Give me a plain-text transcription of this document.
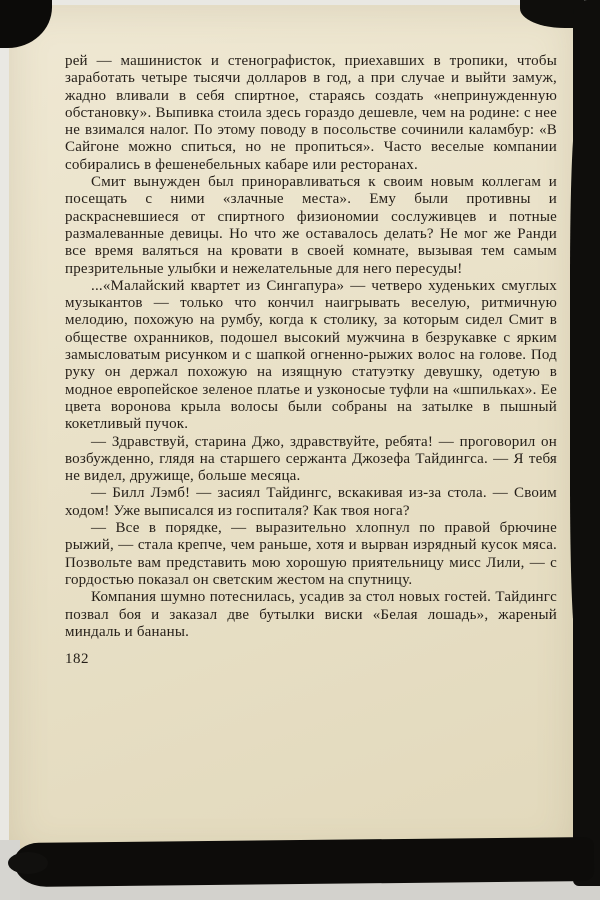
рей — машинисток и стенографисток, приехавших в тропики, чтобы заработать четыре тысячи долларов в год, а при случае и выйти замуж, жадно вливали в себя спиртное, стараясь создать «непринужденную обстановку». Выпивка стоила здесь гораздо дешевле, чем на родине: с нее не взимался налог. По этому поводу в посольстве сочинили каламбур: «В Сайгоне можно спиться, но не пропиться». Часто веселые компании собирались в фешенебельных кабаре или ресторанах.

Смит вынужден был приноравливаться к своим новым коллегам и посещать с ними «злачные места». Ему были противны и раскрасневшиеся от спиртного физиономии сослуживцев и потные размалеванные девицы. Но что же оставалось делать? Не мог же Ранди все время валяться на кровати в своей комнате, вызывая тем самым презрительные улыбки и нежелательные для него пересуды!

...«Малайский квартет из Сингапура» — четверо худеньких смуглых музыкантов — только что кончил наигрывать веселую, ритмичную мелодию, похожую на румбу, когда к столику, за которым сидел Смит в обществе охранников, подошел высокий мужчина в безрукавке с ярким замысловатым рисунком и с шапкой огненно-рыжих волос на голове. Под руку он держал похожую на изящную статуэтку девушку, одетую в модное европейское зеленое платье и узконосые туфли на «шпильках». Ее цвета воронова крыла волосы были собраны на затылке в пышный кокетливый пучок.

— Здравствуй, старина Джо, здравствуйте, ребята! — проговорил он возбужденно, глядя на старшего сержанта Джозефа Тайдингса. — Я тебя не видел, дружище, больше месяца.

— Билл Лэмб! — засиял Тайдингс, вскакивая из-за стола. — Своим ходом! Уже выписался из госпиталя? Как твоя нога?

— Все в порядке, — выразительно хлопнул по правой брючине рыжий, — стала крепче, чем раньше, хотя и вырван изрядный кусок мяса. Позвольте вам представить мою хорошую приятельницу мисс Лили, — с гордостью показал он светским жестом на спутницу.

Компания шумно потеснилась, усадив за стол новых гостей. Тайдингс позвал боя и заказал две бутылки виски «Белая лошадь», жареный миндаль и бананы.

182
